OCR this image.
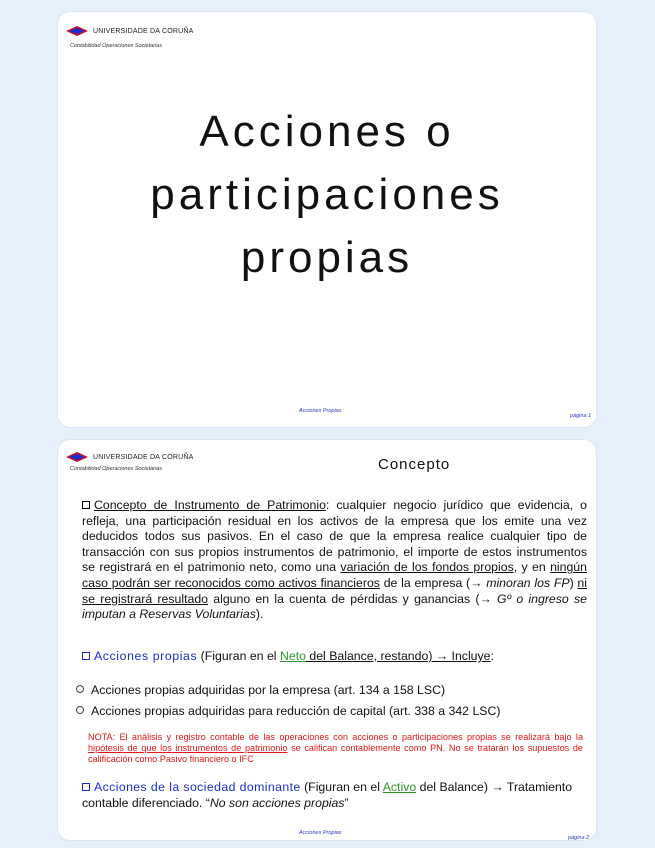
UNIVERSIDADE DA CORUÑA
Contabilidad Operaciones Societarias
Acciones o
participaciones
propias
Acciones Propias
página 1
UNIVERSIDADE DA CORUÑA
Contabilidad Operaciones Societarias	Concepto
Concepto de Instrumento de Patrimonio: cualquier negocio jurídico que evidencia, o refleja, una participación residual en los activos de la empresa que los emite una vez deducidos todos sus pasivos. En el caso de que la empresa realice cualquier tipo de transacción con sus propios instrumentos de patrimonio, el importe de estos instrumentos se registrará en el patrimonio neto, como una variación de los fondos propios, y en ningún caso podrán ser reconocidos como activos financieros de la empresa (→ minoran los FP) ni se registrará resultado alguno en la cuenta de pérdidas y ganancias (→ Gº o ingreso se imputan a Reservas Voluntarias).
Acciones propias (Figuran en el Neto del Balance, restando) → Incluye:
Acciones propias adquiridas por la empresa (art. 134 a 158 LSC)
Acciones propias adquiridas para reducción de capital (art. 338 a 342 LSC)
NOTA: El análisis y registro contable de las operaciones con acciones o participaciones propias se realizará bajo la hipótesis de que los instrumentos de patrimonio se califican contablemente como PN. No se tratarán los supuestos de calificación como Pasivo financiero o IFC
Acciones de la sociedad dominante (Figuran en el Activo del Balance) → Tratamiento contable diferenciado. “No son acciones propias”
Acciones Propias
página 2
